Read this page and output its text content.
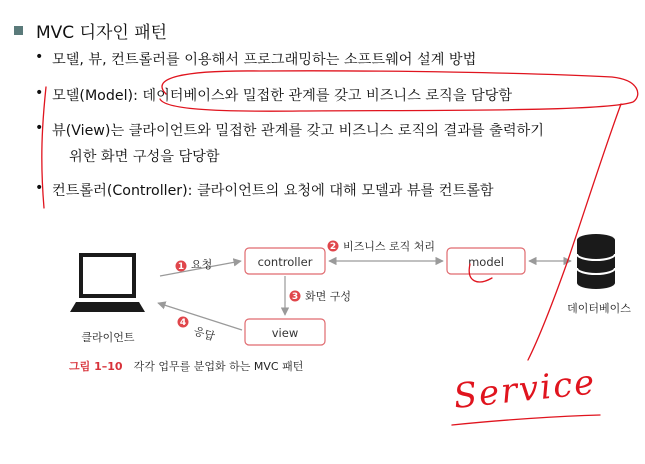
MVC 디자인 패턴
• 모델, 뷰, 컨트롤러를 이용해서 프로그래밍하는 소프트웨어 설계 방법
• 모델(Model): 데이터베이스와 밀접한 관계를 갖고 비즈니스 로직을 담당함
• 뷰(View)는 클라이언트와 밀접한 관계를 갖고 비즈니스 로직의 결과를 출력하기
위한 화면 구성을 담당함
• 컨트롤러(Controller): 클라이언트의 요청에 대해 모델과 뷰를 컨트롤함
클라이언트
controller	model
view
데이터베이스
1 요청
2 비즈니스 로직 처리
3 화면 구성
4
응답
그림 1–10 각각 업무를 분업화 하는 MVC 패턴	Service
